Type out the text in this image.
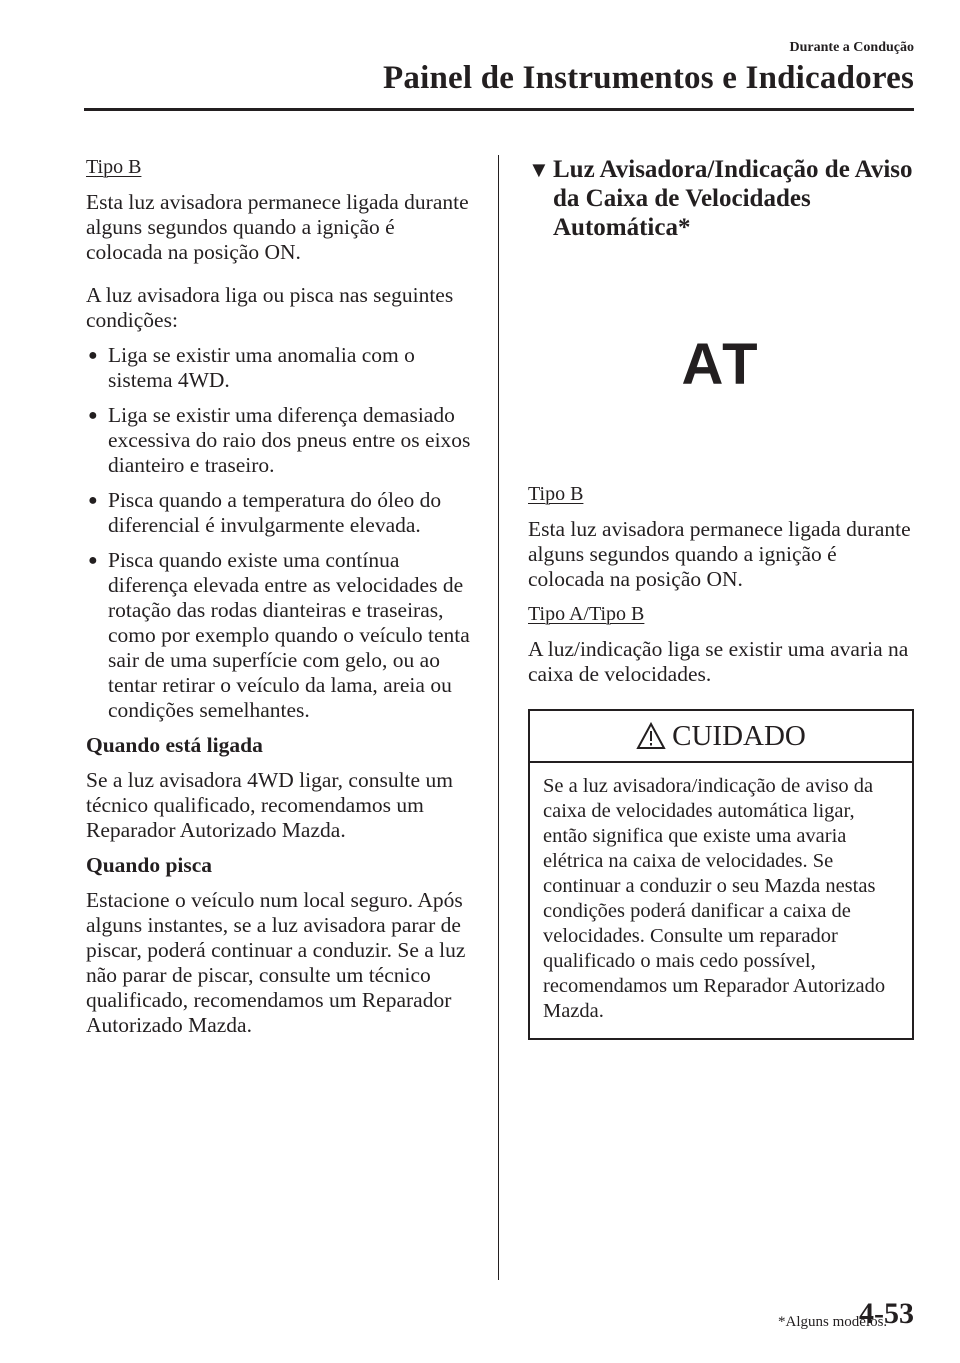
Durante a Condução
Painel de Instrumentos e Indicadores

Tipo B

Esta luz avisadora permanece ligada durante alguns segundos quando a ignição é colocada na posição ON.

A luz avisadora liga ou pisca nas seguintes condições:

● Liga se existir uma anomalia com o sistema 4WD.
● Liga se existir uma diferença demasiado excessiva do raio dos pneus entre os eixos dianteiro e traseiro.
● Pisca quando a temperatura do óleo do diferencial é invulgarmente elevada.
● Pisca quando existe uma contínua diferença elevada entre as velocidades de rotação das rodas dianteiras e traseiras, como por exemplo quando o veículo tenta sair de uma superfície com gelo, ou ao tentar retirar o veículo da lama, areia ou condições semelhantes.

Quando está ligada

Se a luz avisadora 4WD ligar, consulte um técnico qualificado, recomendamos um Reparador Autorizado Mazda.

Quando pisca

Estacione o veículo num local seguro. Após alguns instantes, se a luz avisadora parar de piscar, poderá continuar a conduzir. Se a luz não parar de piscar, consulte um técnico qualificado, recomendamos um Reparador Autorizado Mazda.

▼ Luz Avisadora/Indicação de Aviso da Caixa de Velocidades Automática*
AT

Tipo B

Esta luz avisadora permanece ligada durante alguns segundos quando a ignição é colocada na posição ON.

Tipo A/Tipo B

A luz/indicação liga se existir uma avaria na caixa de velocidades.

CUIDADO
Se a luz avisadora/indicação de aviso da caixa de velocidades automática ligar, então significa que existe uma avaria elétrica na caixa de velocidades. Se continuar a conduzir o seu Mazda nestas condições poderá danificar a caixa de velocidades. Consulte um reparador qualificado o mais cedo possível, recomendamos um Reparador Autorizado Mazda.
*Alguns modelos.
4-53
